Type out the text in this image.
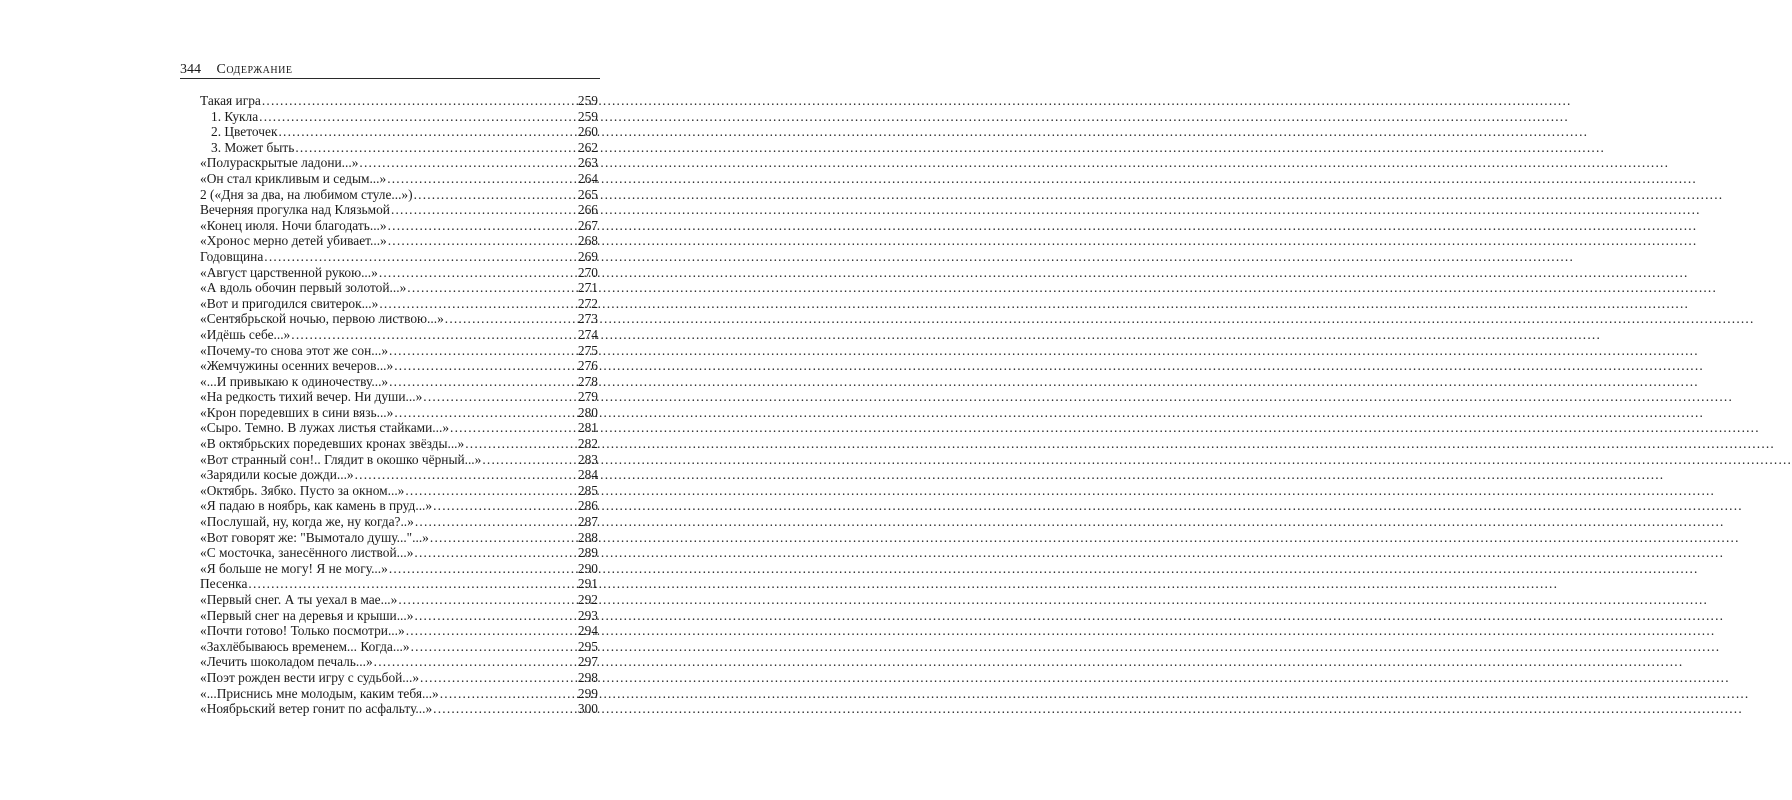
344 Содержание
Такая игра .....	259
1. Кукла .....	259
2. Цветочек .....	260
3. Может быть .....	262
«Полураскрытые ладони...» .....	263
«Он стал крикливым и седым...» .....	264
2 («Дня за два, на любимом стуле...») .....	265
Вечерняя прогулка над Клязьмой .....	266
«Конец июля. Ночи благодать...» .....	267
«Хронос мерно детей убивает...» .....	268
Годовщина .....	269
«Август царственной рукою...» .....	270
«А вдоль обочин первый золотой...» .....	271
«Вот и пригодился свитерок...» .....	272
«Сентябрьской ночью, первою листвою...» .....	273
«Идёшь себе...» .....	274
«Почему-то снова этот же сон...» .....	275
«Жемчужины осенних вечеров...» .....	276
«...И привыкаю к одиночеству...» .....	278
«На редкость тихий вечер. Ни души...» .....	279
«Крон поредевших в сини вязь...» .....	280
«Сыро. Темно. В лужах листья стайками...» .....	281
«В октябрьских поредевших кронах звёзды...» .....	282
«Вот странный сон!.. Глядит в окошко чёрный...» .....	283
«Зарядили косые дожди...» .....	284
«Октябрь. Зябко. Пусто за окном...» .....	285
«Я падаю в ноябрь, как камень в пруд...» .....	286
«Послушай, ну, когда же, ну когда?..» .....	287
«Вот говорят же: "Вымотало душу..."...» .....	288
«С мосточка, занесённого листвой...» .....	289
«Я больше не могу! Я не могу...» .....	290
Песенка .....	291
«Первый снег. А ты уехал в мае...» .....	292
«Первый снег на деревья и крыши...» .....	293
«Почти готово! Только посмотри...» .....	294
«Захлёбываюсь временем... Когда...» .....	295
«Лечить шоколадом печаль...» .....	297
«Поэт рожден вести игру с судьбой...» .....	298
«...Приснись мне молодым, каким тебя...» .....	299
«Ноябрьский ветер гонит по асфальту...» .....	300
